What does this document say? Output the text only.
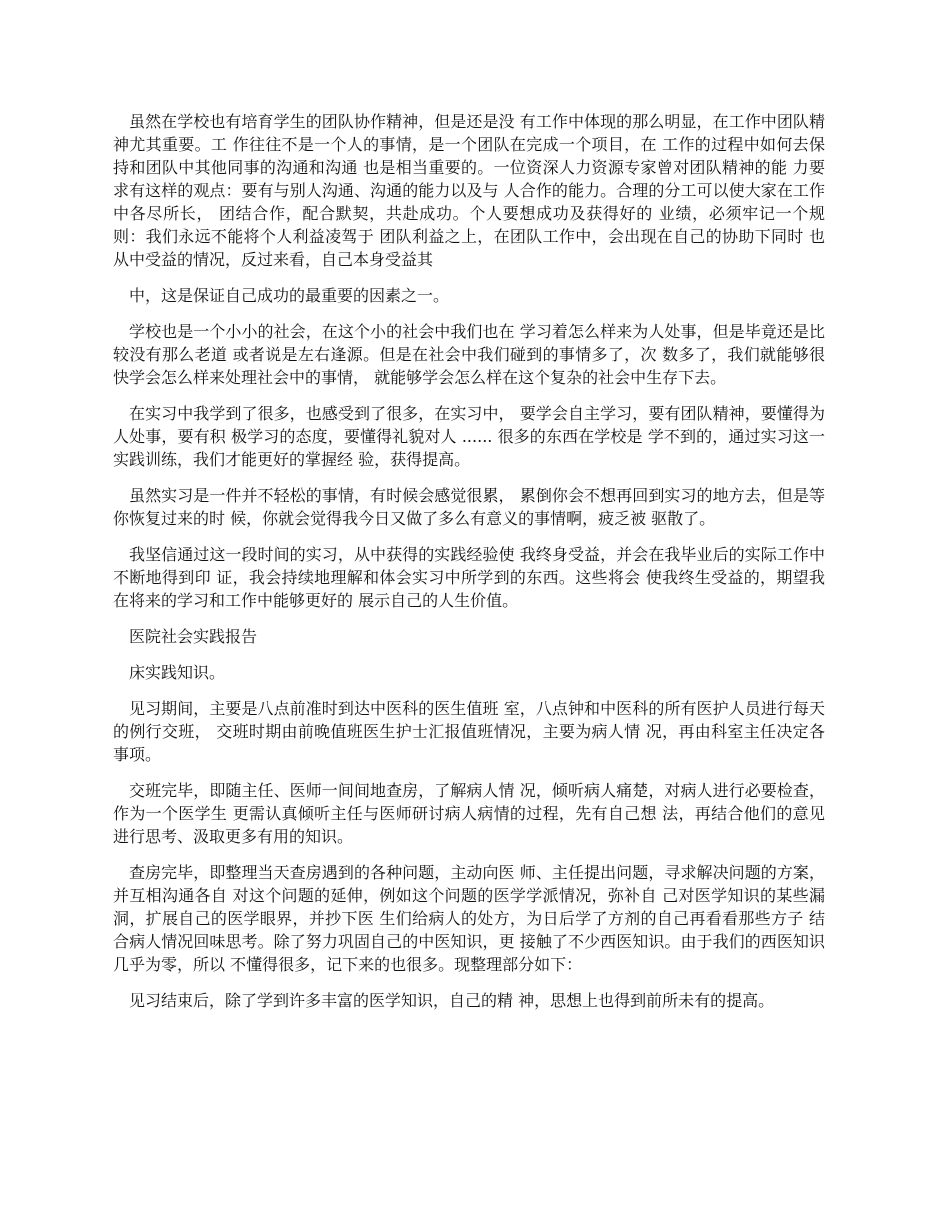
虽然在学校也有培育学生的团队协作精神，但是还是没 有工作中体现的那么明显，在工作中团队精神尤其重要。工 作往往不是一个人的事情，是一个团队在完成一个项目，在 工作的过程中如何去保持和团队中其他同事的沟通和沟通 也是相当重要的。一位资深人力资源专家曾对团队精神的能 力要求有这样的观点：要有与别人沟通、沟通的能力以及与 人合作的能力。合理的分工可以使大家在工作中各尽所长， 团结合作，配合默契，共赴成功。个人要想成功及获得好的 业绩，必须牢记一个规则：我们永远不能将个人利益凌驾于 团队利益之上，在团队工作中，会出现在自己的协助下同时 也从中受益的情况，反过来看，自己本身受益其

中，这是保证自己成功的最重要的因素之一。

学校也是一个小小的社会，在这个小的社会中我们也在 学习着怎么样来为人处事，但是毕竟还是比较没有那么老道 或者说是左右逢源。但是在社会中我们碰到的事情多了，次 数多了，我们就能够很快学会怎么样来处理社会中的事情， 就能够学会怎么样在这个复杂的社会中生存下去。

在实习中我学到了很多，也感受到了很多，在实习中， 要学会自主学习，要有团队精神，要懂得为人处事，要有积 极学习的态度，要懂得礼貌对人 ...... 很多的东西在学校是 学不到的，通过实习这一实践训练，我们才能更好的掌握经 验，获得提高。

虽然实习是一件并不轻松的事情，有时候会感觉很累， 累倒你会不想再回到实习的地方去，但是等你恢复过来的时 候，你就会觉得我今日又做了多么有意义的事情啊，疲乏被 驱散了。

我坚信通过这一段时间的实习，从中获得的实践经验使 我终身受益，并会在我毕业后的实际工作中不断地得到印 证，我会持续地理解和体会实习中所学到的东西。这些将会 使我终生受益的，期望我在将来的学习和工作中能够更好的 展示自己的人生价值。

医院社会实践报告

床实践知识。

见习期间，主要是八点前准时到达中医科的医生值班 室，八点钟和中医科的所有医护人员进行每天的例行交班， 交班时期由前晚值班医生护士汇报值班情况，主要为病人情 况，再由科室主任决定各事项。

交班完毕，即随主任、医师一间间地查房，了解病人情 况，倾听病人痛楚，对病人进行必要检查，作为一个医学生 更需认真倾听主任与医师研讨病人病情的过程，先有自己想 法，再结合他们的意见进行思考、汲取更多有用的知识。

查房完毕，即整理当天查房遇到的各种问题，主动向医 师、主任提出问题，寻求解决问题的方案，并互相沟通各自 对这个问题的延伸，例如这个问题的医学学派情况，弥补自 己对医学知识的某些漏洞，扩展自己的医学眼界，并抄下医 生们给病人的处方，为日后学了方剂的自己再看看那些方子 结合病人情况回味思考。除了努力巩固自己的中医知识，更 接触了不少西医知识。由于我们的西医知识几乎为零，所以 不懂得很多，记下来的也很多。现整理部分如下：

见习结束后，除了学到许多丰富的医学知识，自己的精 神，思想上也得到前所未有的提高。
